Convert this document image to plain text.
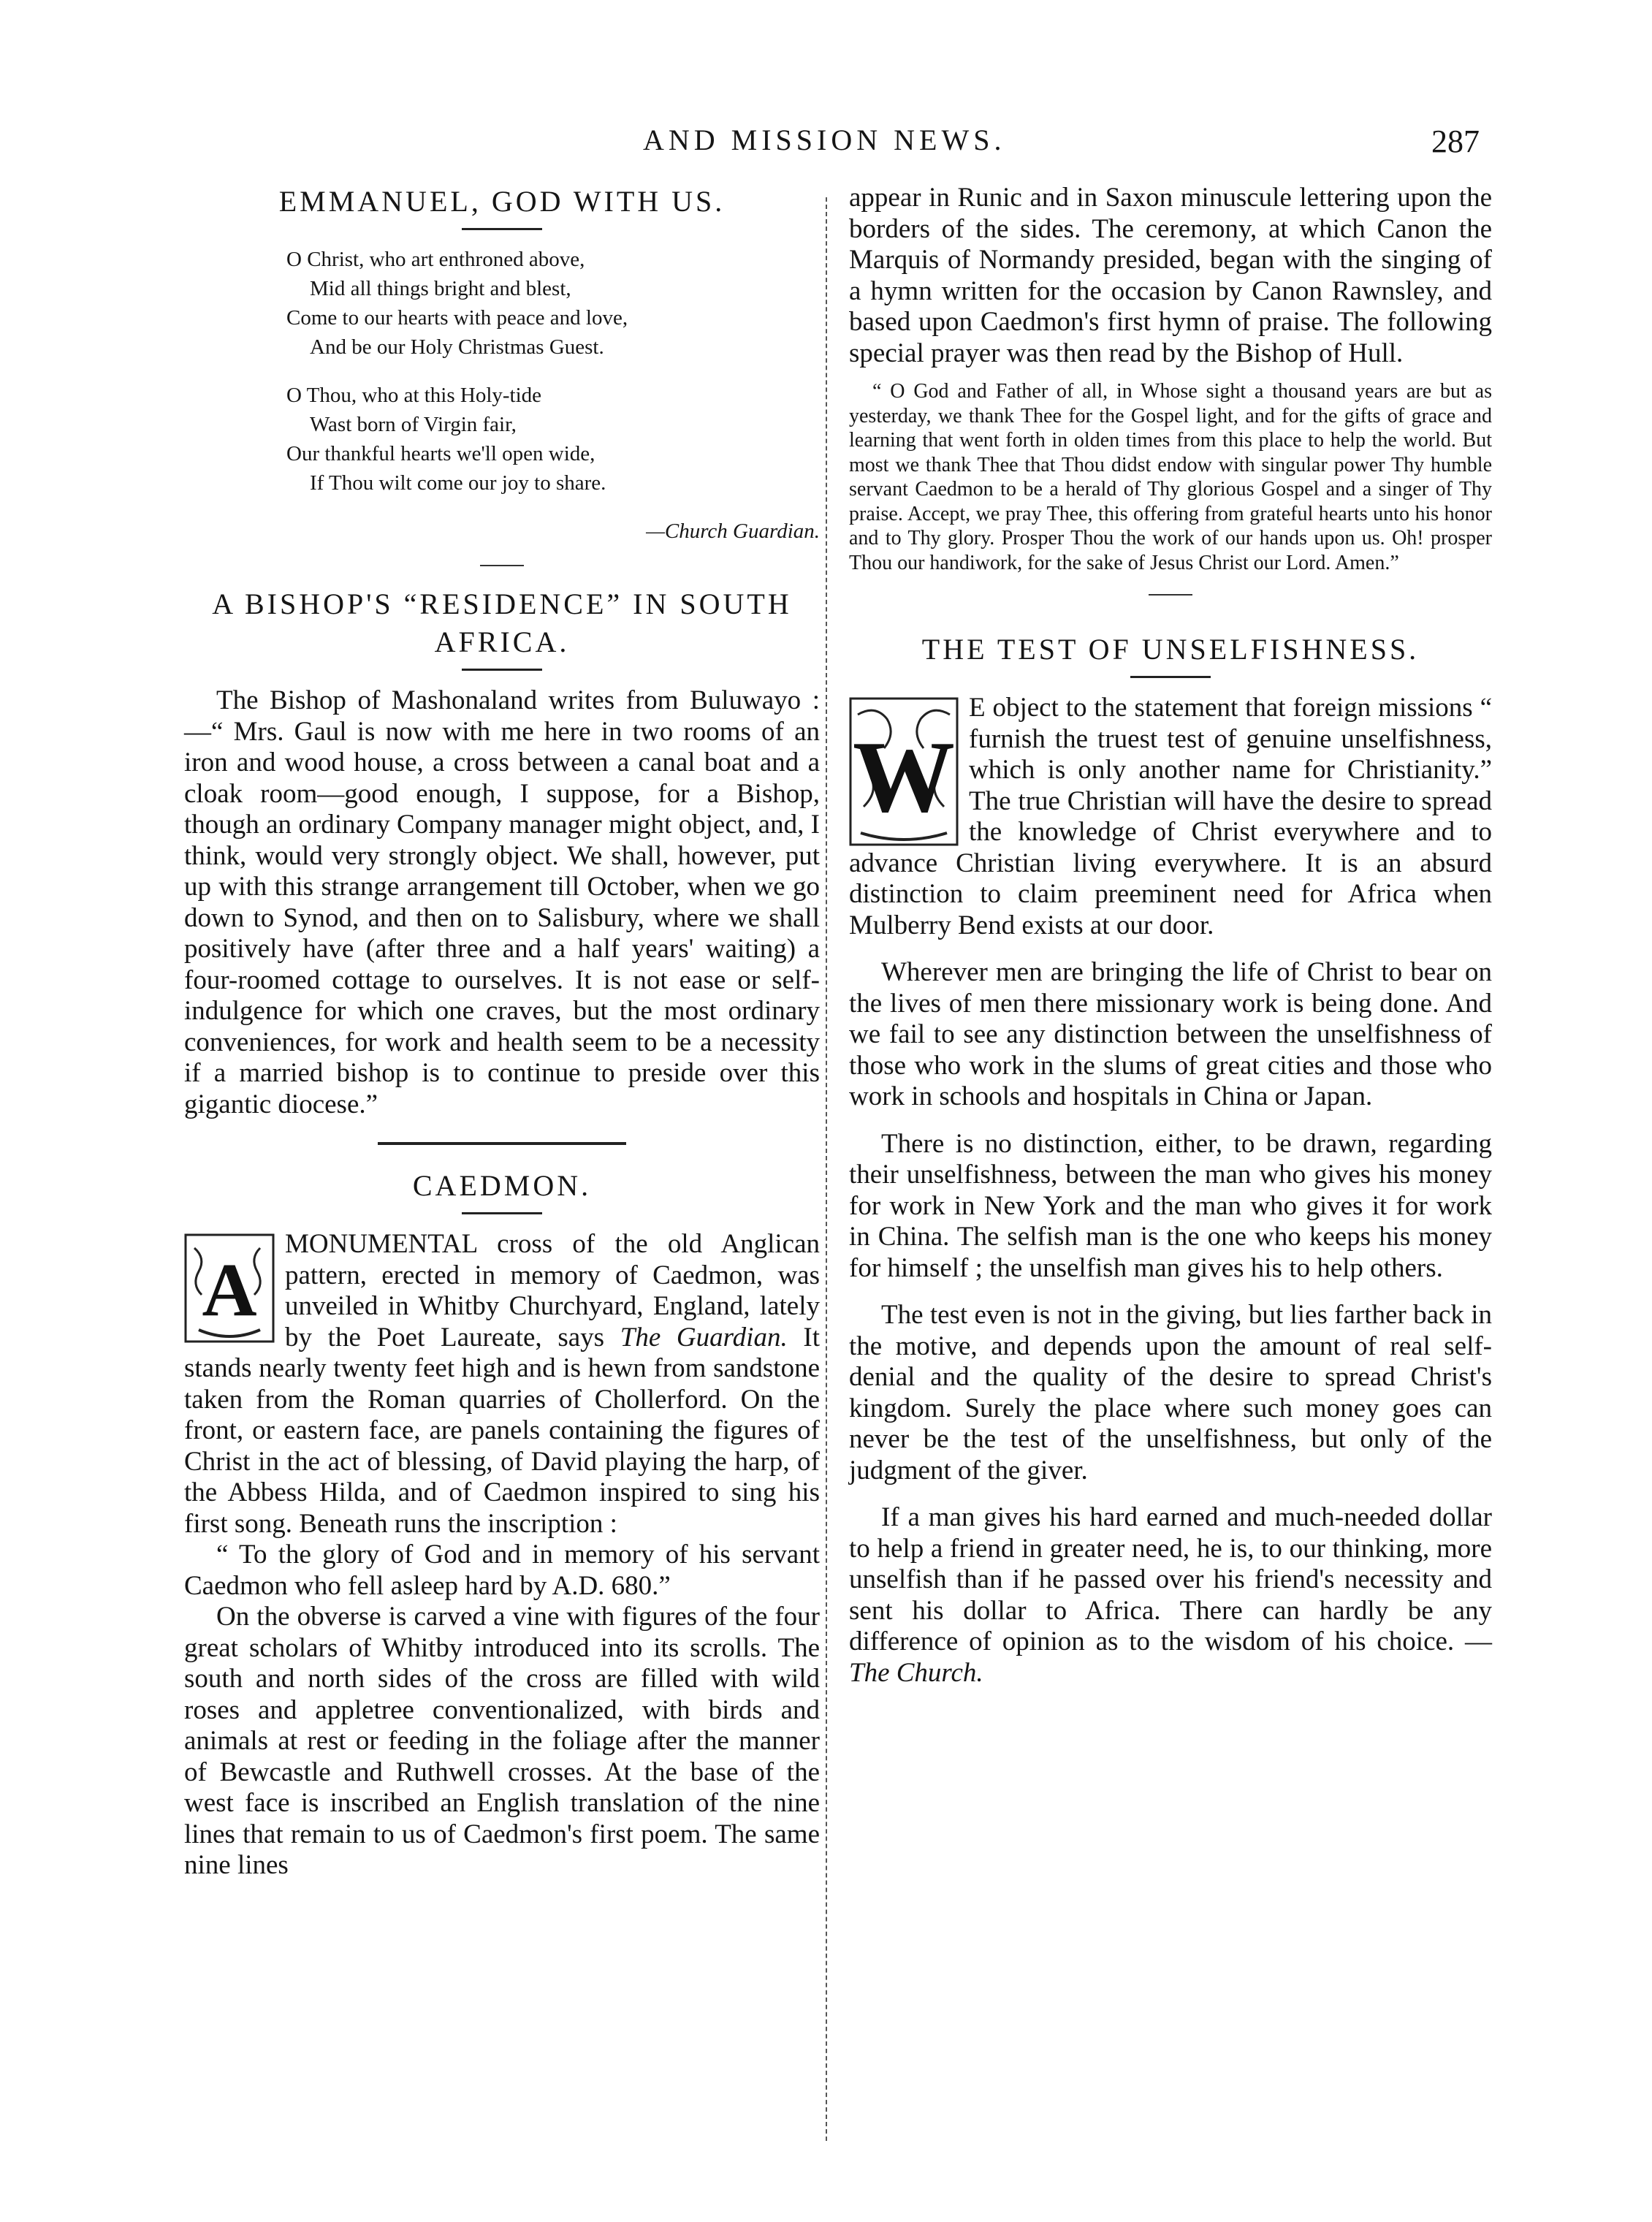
AND MISSION NEWS.	287
EMMANUEL, GOD WITH US.
O Christ, who art enthroned above,
Mid all things bright and blest,
Come to our hearts with peace and love,
And be our Holy Christmas Guest.
O Thou, who at this Holy-tide
Wast born of Virgin fair,
Our thankful hearts we'll open wide,
If Thou wilt come our joy to share.
—Church Guardian.
A BISHOP'S “RESIDENCE” IN SOUTH AFRICA.

The Bishop of Mashonaland writes from Buluwayo :—“ Mrs. Gaul is now with me here in two rooms of an iron and wood house, a cross between a canal boat and a cloak room—good enough, I suppose, for a Bishop, though an ordinary Company manager might object, and, I think, would very strongly object. We shall, however, put up with this strange arrangement till October, when we go down to Synod, and then on to Salisbury, where we shall positively have (after three and a half years' waiting) a four-roomed cottage to ourselves. It is not ease or self-indulgence for which one craves, but the most ordinary conveniences, for work and health seem to be a necessity if a married bishop is to continue to preside over this gigantic diocese.”

CAEDMON.

A
MONUMENTAL cross of the old Anglican pattern, erected in memory of Caedmon, was unveiled in Whitby Churchyard, England, lately by the Poet Laureate, says The Guardian. It stands nearly twenty feet high and is hewn from sandstone taken from the Roman quarries of Chollerford. On the front, or eastern face, are panels containing the figures of Christ in the act of blessing, of David playing the harp, of the Abbess Hilda, and of Caedmon inspired to sing his first song. Beneath runs the inscription :

“ To the glory of God and in memory of his servant Caedmon who fell asleep hard by A.D. 680.”

On the obverse is carved a vine with figures of the four great scholars of Whitby introduced into its scrolls. The south and north sides of the cross are filled with wild roses and appletree conventionalized, with birds and animals at rest or feeding in the foliage after the manner of Bewcastle and Ruthwell crosses. At the base of the west face is inscribed an English translation of the nine lines that remain to us of Caedmon's first poem. The same nine lines

appear in Runic and in Saxon minuscule lettering upon the borders of the sides. The ceremony, at which Canon the Marquis of Normandy presided, began with the singing of a hymn written for the occasion by Canon Rawnsley, and based upon Caedmon's first hymn of praise. The following special prayer was then read by the Bishop of Hull.

“ O God and Father of all, in Whose sight a thousand years are but as yesterday, we thank Thee for the Gospel light, and for the gifts of grace and learning that went forth in olden times from this place to help the world. But most we thank Thee that Thou didst endow with singular power Thy humble servant Caedmon to be a herald of Thy glorious Gospel and a singer of Thy praise. Accept, we pray Thee, this offering from grateful hearts unto his honor and to Thy glory. Prosper Thou the work of our hands upon us. Oh! prosper Thou our handiwork, for the sake of Jesus Christ our Lord. Amen.”

THE TEST OF UNSELFISHNESS.

W
E object to the statement that foreign missions “ furnish the truest test of genuine unselfishness, which is only another name for Christianity.” The true Christian will have the desire to spread the knowledge of Christ everywhere and to advance Christian living everywhere. It is an absurd distinction to claim preeminent need for Africa when Mulberry Bend exists at our door.

Wherever men are bringing the life of Christ to bear on the lives of men there missionary work is being done. And we fail to see any distinction between the unselfishness of those who work in the slums of great cities and those who work in schools and hospitals in China or Japan.

There is no distinction, either, to be drawn, regarding their unselfishness, between the man who gives his money for work in New York and the man who gives it for work in China. The selfish man is the one who keeps his money for himself ; the unselfish man gives his to help others.

The test even is not in the giving, but lies farther back in the motive, and depends upon the amount of real self-denial and the quality of the desire to spread Christ's kingdom. Surely the place where such money goes can never be the test of the unselfishness, but only of the judgment of the giver.

If a man gives his hard earned and much-needed dollar to help a friend in greater need, he is, to our thinking, more unselfish than if he passed over his friend's necessity and sent his dollar to Africa. There can hardly be any difference of opinion as to the wisdom of his choice. — The Church.
